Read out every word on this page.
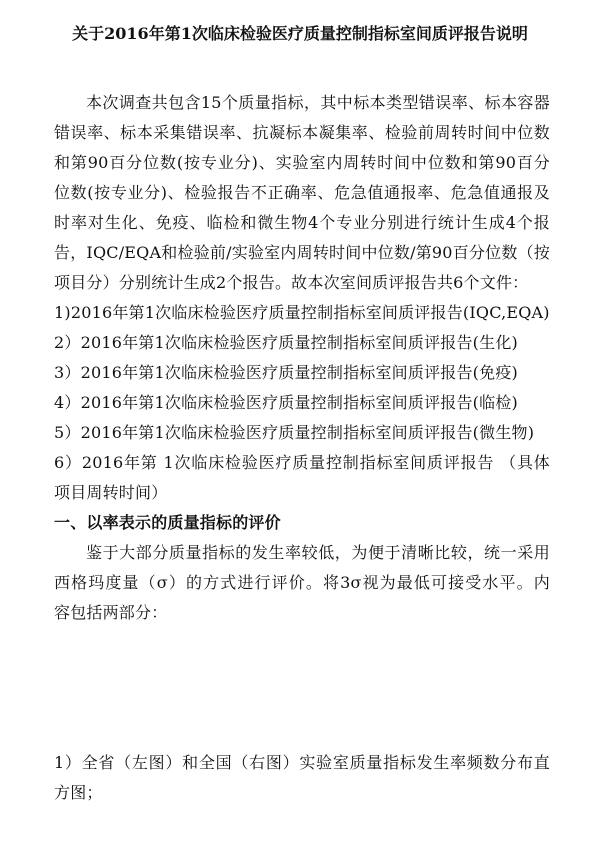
关于2016年第1次临床检验医疗质量控制指标室间质评报告说明
本次调查共包含15个质量指标，其中标本类型错误率、标本容器
错误率、标本采集错误率、抗凝标本凝集率、检验前周转时间中位数
和第90百分位数(按专业分)、实验室内周转时间中位数和第90百分
位数(按专业分)、检验报告不正确率、危急值通报率、危急值通报及
时率对生化、免疫、临检和微生物4个专业分别进行统计生成4个报
告，IQC/EQA和检验前/实验室内周转时间中位数/第90百分位数（按
项目分）分别统计生成2个报告。故本次室间质评报告共6个文件：
1)2016年第1次临床检验医疗质量控制指标室间质评报告(IQC,EQA)
2）2016年第1次临床检验医疗质量控制指标室间质评报告(生化)
3）2016年第1次临床检验医疗质量控制指标室间质评报告(免疫)
4）2016年第1次临床检验医疗质量控制指标室间质评报告(临检)
5）2016年第1次临床检验医疗质量控制指标室间质评报告(微生物)
6）2016年第 1次临床检验医疗质量控制指标室间质评报告 （具体
项目周转时间）
一、以率表示的质量指标的评价
鉴于大部分质量指标的发生率较低，为便于清晰比较，统一采用
西格玛度量（σ）的方式进行评价。将3σ视为最低可接受水平。内
容包括两部分：
1）全省（左图）和全国（右图）实验室质量指标发生率频数分布直
方图；
